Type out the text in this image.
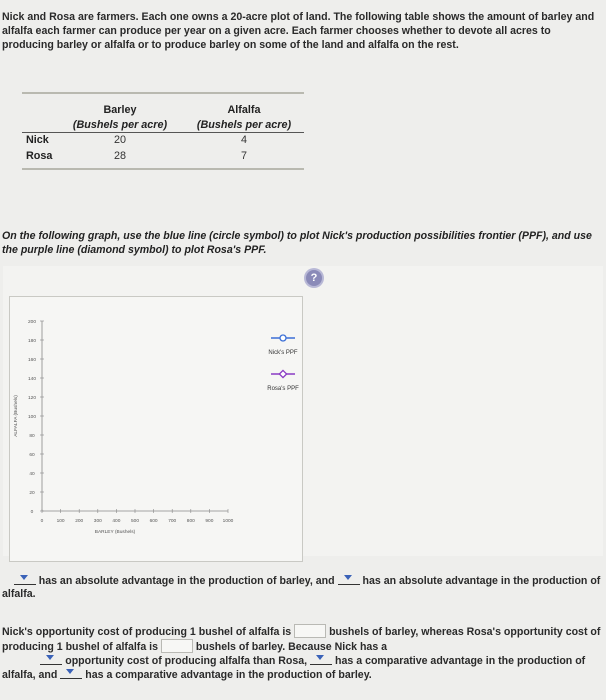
Nick and Rosa are farmers. Each one owns a 20-acre plot of land. The following table shows the amount of barley and alfalfa each farmer can produce per year on a given acre. Each farmer chooses whether to devote all acres to producing barley or alfalfa or to produce barley on some of the land and alfalfa on the rest.
Barley
(Bushels per acre)
Alfalfa
(Bushels per acre)
Nick	20	4
Rosa	28	7
On the following graph, use the blue line (circle symbol) to plot Nick's production possibilities frontier (PPF), and use the purple line (diamond symbol) to plot Rosa's PPF.
0	100 200 300 400 500 600 700 800 900 1000
0
20
40
60
80
100
120
140
160
180
200
BARLEY (Bushels)
ALFALFA (Bushels)
Nick's PPF
Rosa's PPF
?
has an absolute advantage in the production of barley, and	has an absolute advantage in the production of alfalfa.
Nick's opportunity cost of producing 1 bushel of alfalfa is	bushels of barley, whereas Rosa's opportunity cost of producing 1 bushel of alfalfa is	bushels of barley. Because Nick has a
opportunity cost of producing alfalfa than Rosa,	has a comparative advantage in the production of alfalfa, and	has a comparative advantage in the production of barley.
